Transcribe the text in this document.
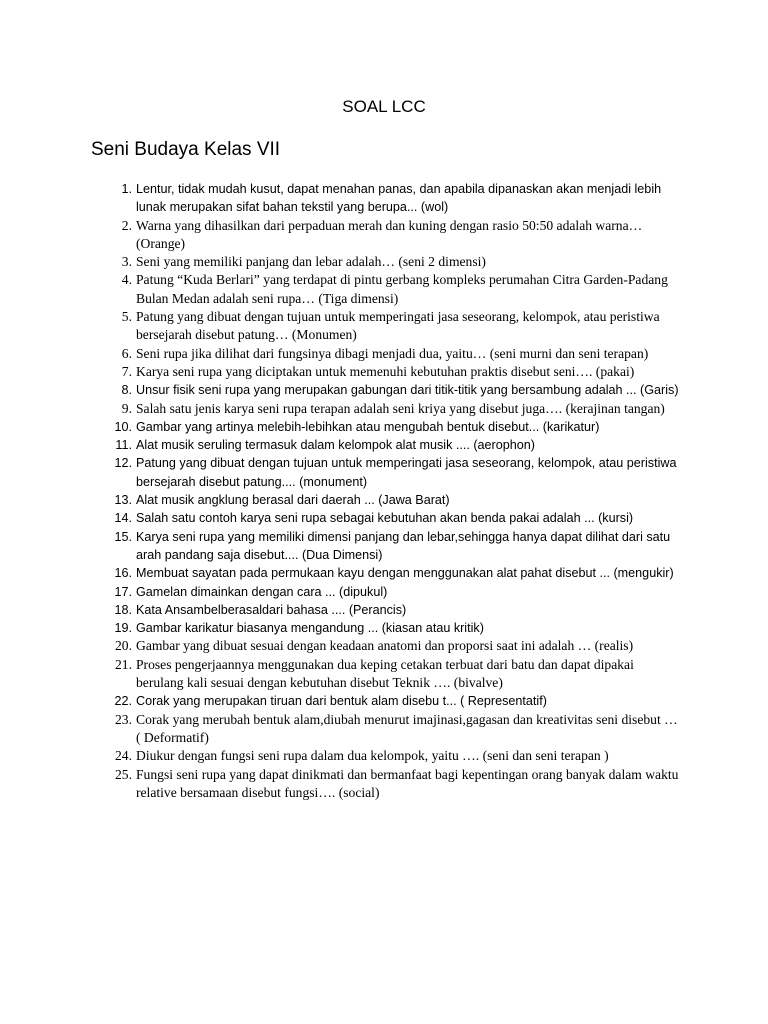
SOAL LCC
Seni Budaya Kelas VII
1. Lentur, tidak mudah kusut, dapat menahan panas, dan apabila dipanaskan akan menjadi lebih lunak merupakan sifat bahan tekstil yang berupa... (wol)
2. Warna yang dihasilkan dari perpaduan merah dan kuning dengan rasio 50:50 adalah warna… (Orange)
3. Seni yang memiliki panjang dan lebar adalah… (seni 2 dimensi)
4. Patung “Kuda Berlari” yang terdapat di pintu gerbang kompleks perumahan Citra Garden-Padang Bulan Medan adalah seni rupa… (Tiga dimensi)
5. Patung yang dibuat dengan tujuan untuk memperingati jasa seseorang, kelompok, atau peristiwa bersejarah disebut patung… (Monumen)
6. Seni rupa jika dilihat dari fungsinya dibagi menjadi dua, yaitu… (seni murni dan seni terapan)
7. Karya seni rupa yang diciptakan untuk memenuhi kebutuhan praktis disebut seni…. (pakai)
8. Unsur fisik seni rupa yang merupakan gabungan dari titik-titik yang bersambung adalah ... (Garis)
9. Salah satu jenis karya seni rupa terapan adalah seni kriya yang disebut juga…. (kerajinan tangan)
10. Gambar yang artinya melebih-lebihkan atau mengubah bentuk disebut... (karikatur)
11. Alat musik seruling termasuk dalam kelompok alat musik .... (aerophon)
12. Patung yang dibuat dengan tujuan untuk memperingati jasa seseorang, kelompok, atau peristiwa bersejarah disebut patung.... (monument)
13. Alat musik angklung berasal dari daerah ... (Jawa Barat)
14. Salah satu contoh karya seni rupa sebagai kebutuhan akan benda pakai adalah ... (kursi)
15. Karya seni rupa yang memiliki dimensi panjang dan lebar,sehingga hanya dapat dilihat dari satu arah pandang saja disebut.... (Dua Dimensi)
16. Membuat sayatan pada permukaan kayu dengan menggunakan alat pahat disebut ... (mengukir)
17. Gamelan dimainkan dengan cara ... (dipukul)
18. Kata Ansambelberasaldari bahasa .... (Perancis)
19. Gambar karikatur biasanya mengandung ... (kiasan atau kritik)
20. Gambar yang dibuat sesuai dengan keadaan anatomi dan proporsi saat ini adalah … (realis)
21. Proses pengerjaannya menggunakan dua keping cetakan terbuat dari batu dan dapat dipakai berulang kali sesuai dengan kebutuhan disebut Teknik …. (bivalve)
22. Corak yang merupakan tiruan dari bentuk alam disebu t... ( Representatif)
23. Corak yang merubah bentuk alam,diubah menurut imajinasi,gagasan dan kreativitas seni disebut … ( Deformatif)
24. Diukur dengan fungsi seni rupa dalam dua kelompok, yaitu …. (seni dan seni terapan )
25. Fungsi seni rupa yang dapat dinikmati dan bermanfaat bagi kepentingan orang banyak dalam waktu relative bersamaan disebut fungsi…. (social)
